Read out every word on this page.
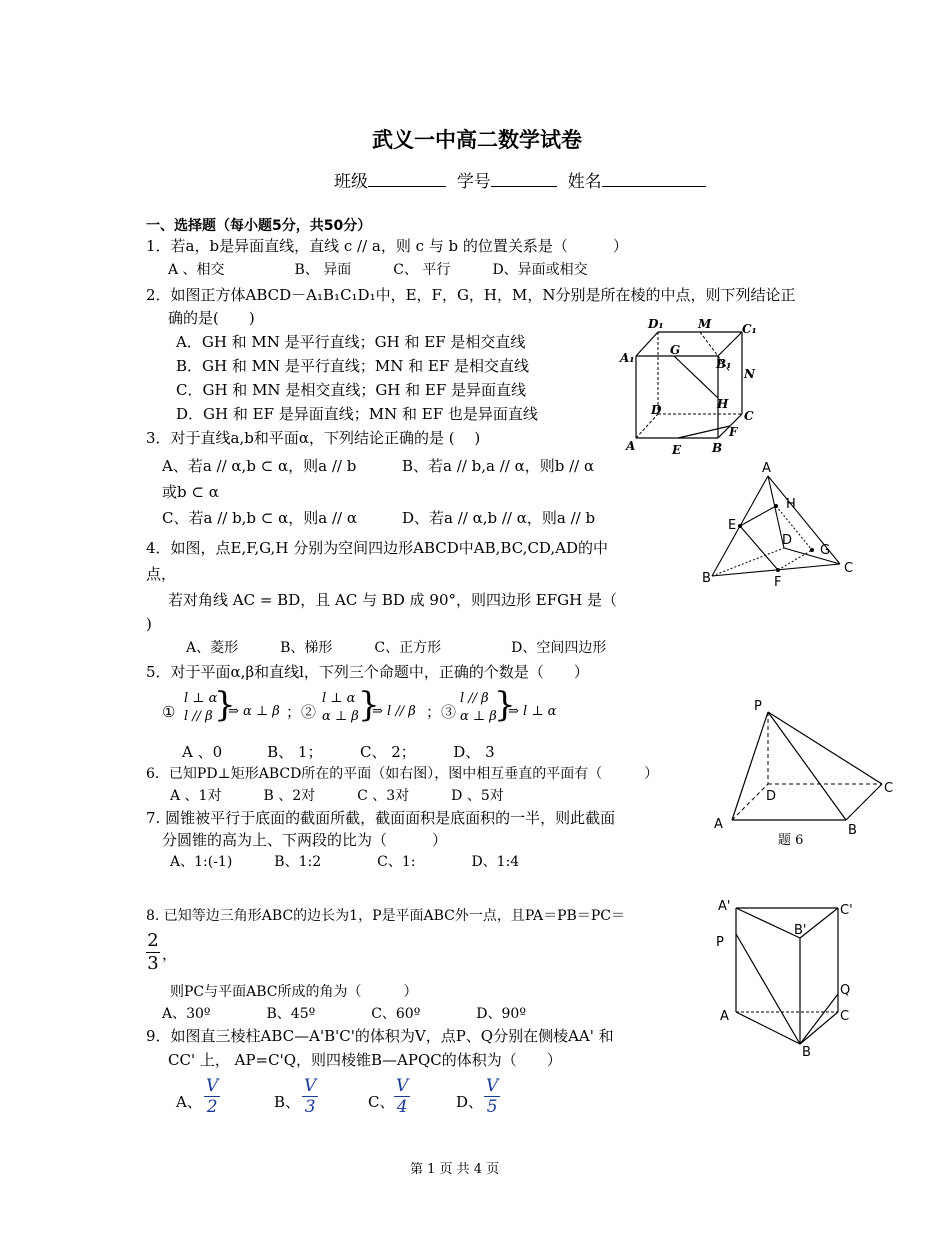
武义一中高二数学试卷
班级	学号	姓名
一、选择题（每小题5分，共50分）
1．若a，b是异面直线，直线 c // a，则 c 与 b 的位置关系是（　　　）
A 、相交　　　　　B、 异面　　　C、 平行　　　D、异面或相交
2．如图正方体ABCD－A₁B₁C₁D₁中，E，F，G，H，M，N分别是所在棱的中点，则下列结论正
确的是(　　)
A．GH 和 MN 是平行直线；GH 和 EF 是相交直线
B．GH 和 MN 是平行直线；MN 和 EF 是相交直线
C．GH 和 MN 是相交直线；GH 和 EF 是异面直线
D．GH 和 EF 是异面直线；MN 和 EF 也是异面直线
3．对于直线a,b和平面α，下列结论正确的是 (　 )
A、若a // α,b ⊂ α，则a // b	B、若a // b,a // α，则b // α
或b ⊂ α
C、若a // b,b ⊂ α，则a // α	D、若a // α,b // α，则a // b
4．如图，点E,F,G,H 分别为空间四边形ABCD中AB,BC,CD,AD的中
点，
若对角线 AC = BD，且 AC 与 BD 成 90°，则四边形 EFGH 是（
)
A、菱形　　　B、梯形　　　C、正方形　　　　　D、空间四边形
5．对于平面α,β和直线l，下列三个命题中，正确的个数是（　　）
①
l ⊥ α
l // β }
⇒ α ⊥ β ；②
l ⊥ α
α ⊥ β }
⇒ l // β ；③
l // β
α ⊥ β
}
⇒ l ⊥ α
A 、0　　　B、 1；　　　C、 2；　　　D、 3
6．已知PD⊥矩形ABCD所在的平面（如右图），图中相互垂直的平面有（　　　）
A 、1对　　　B 、2对　　　C 、3对　　　D 、5对
7. 圆锥被平行于底面的截面所截，截面面积是底面积的一半，则此截面
分圆锥的高为上、下两段的比为（　　　）
A、1:(-1)　　　B、1:2　　　　C、1:　　　　D、1:4
8. 已知等边三角形ABC的边长为1，P是平面ABC外一点，且PA＝PB＝PC＝
$\frac{2}{3}$ ，
则PC与平面ABC所成的角为（　　　）
A、30º　　　　B、45º　　　　C、60º　　　　D、90º
9．如图直三棱柱ABC—A'B'C'的体积为V，点P、Q分别在侧棱AA' 和
CC' 上， AP=C'Q，则四棱锥B—APQC的体积为（　　）
A、 $\frac{V}{2}$	B、 $\frac{V}{3}$	C、 $\frac{V}{4}$	D、 $\frac{V}{5}$
第 1 页 共 4 页
D₁	M	C₁
A₁
G
B₁
N
H
D	C
F
A	E	B
A
H
E
D
G
B	F
C
P
D
C
A	B
题 6
A'	C'
B'
P
Q
A	C
B
